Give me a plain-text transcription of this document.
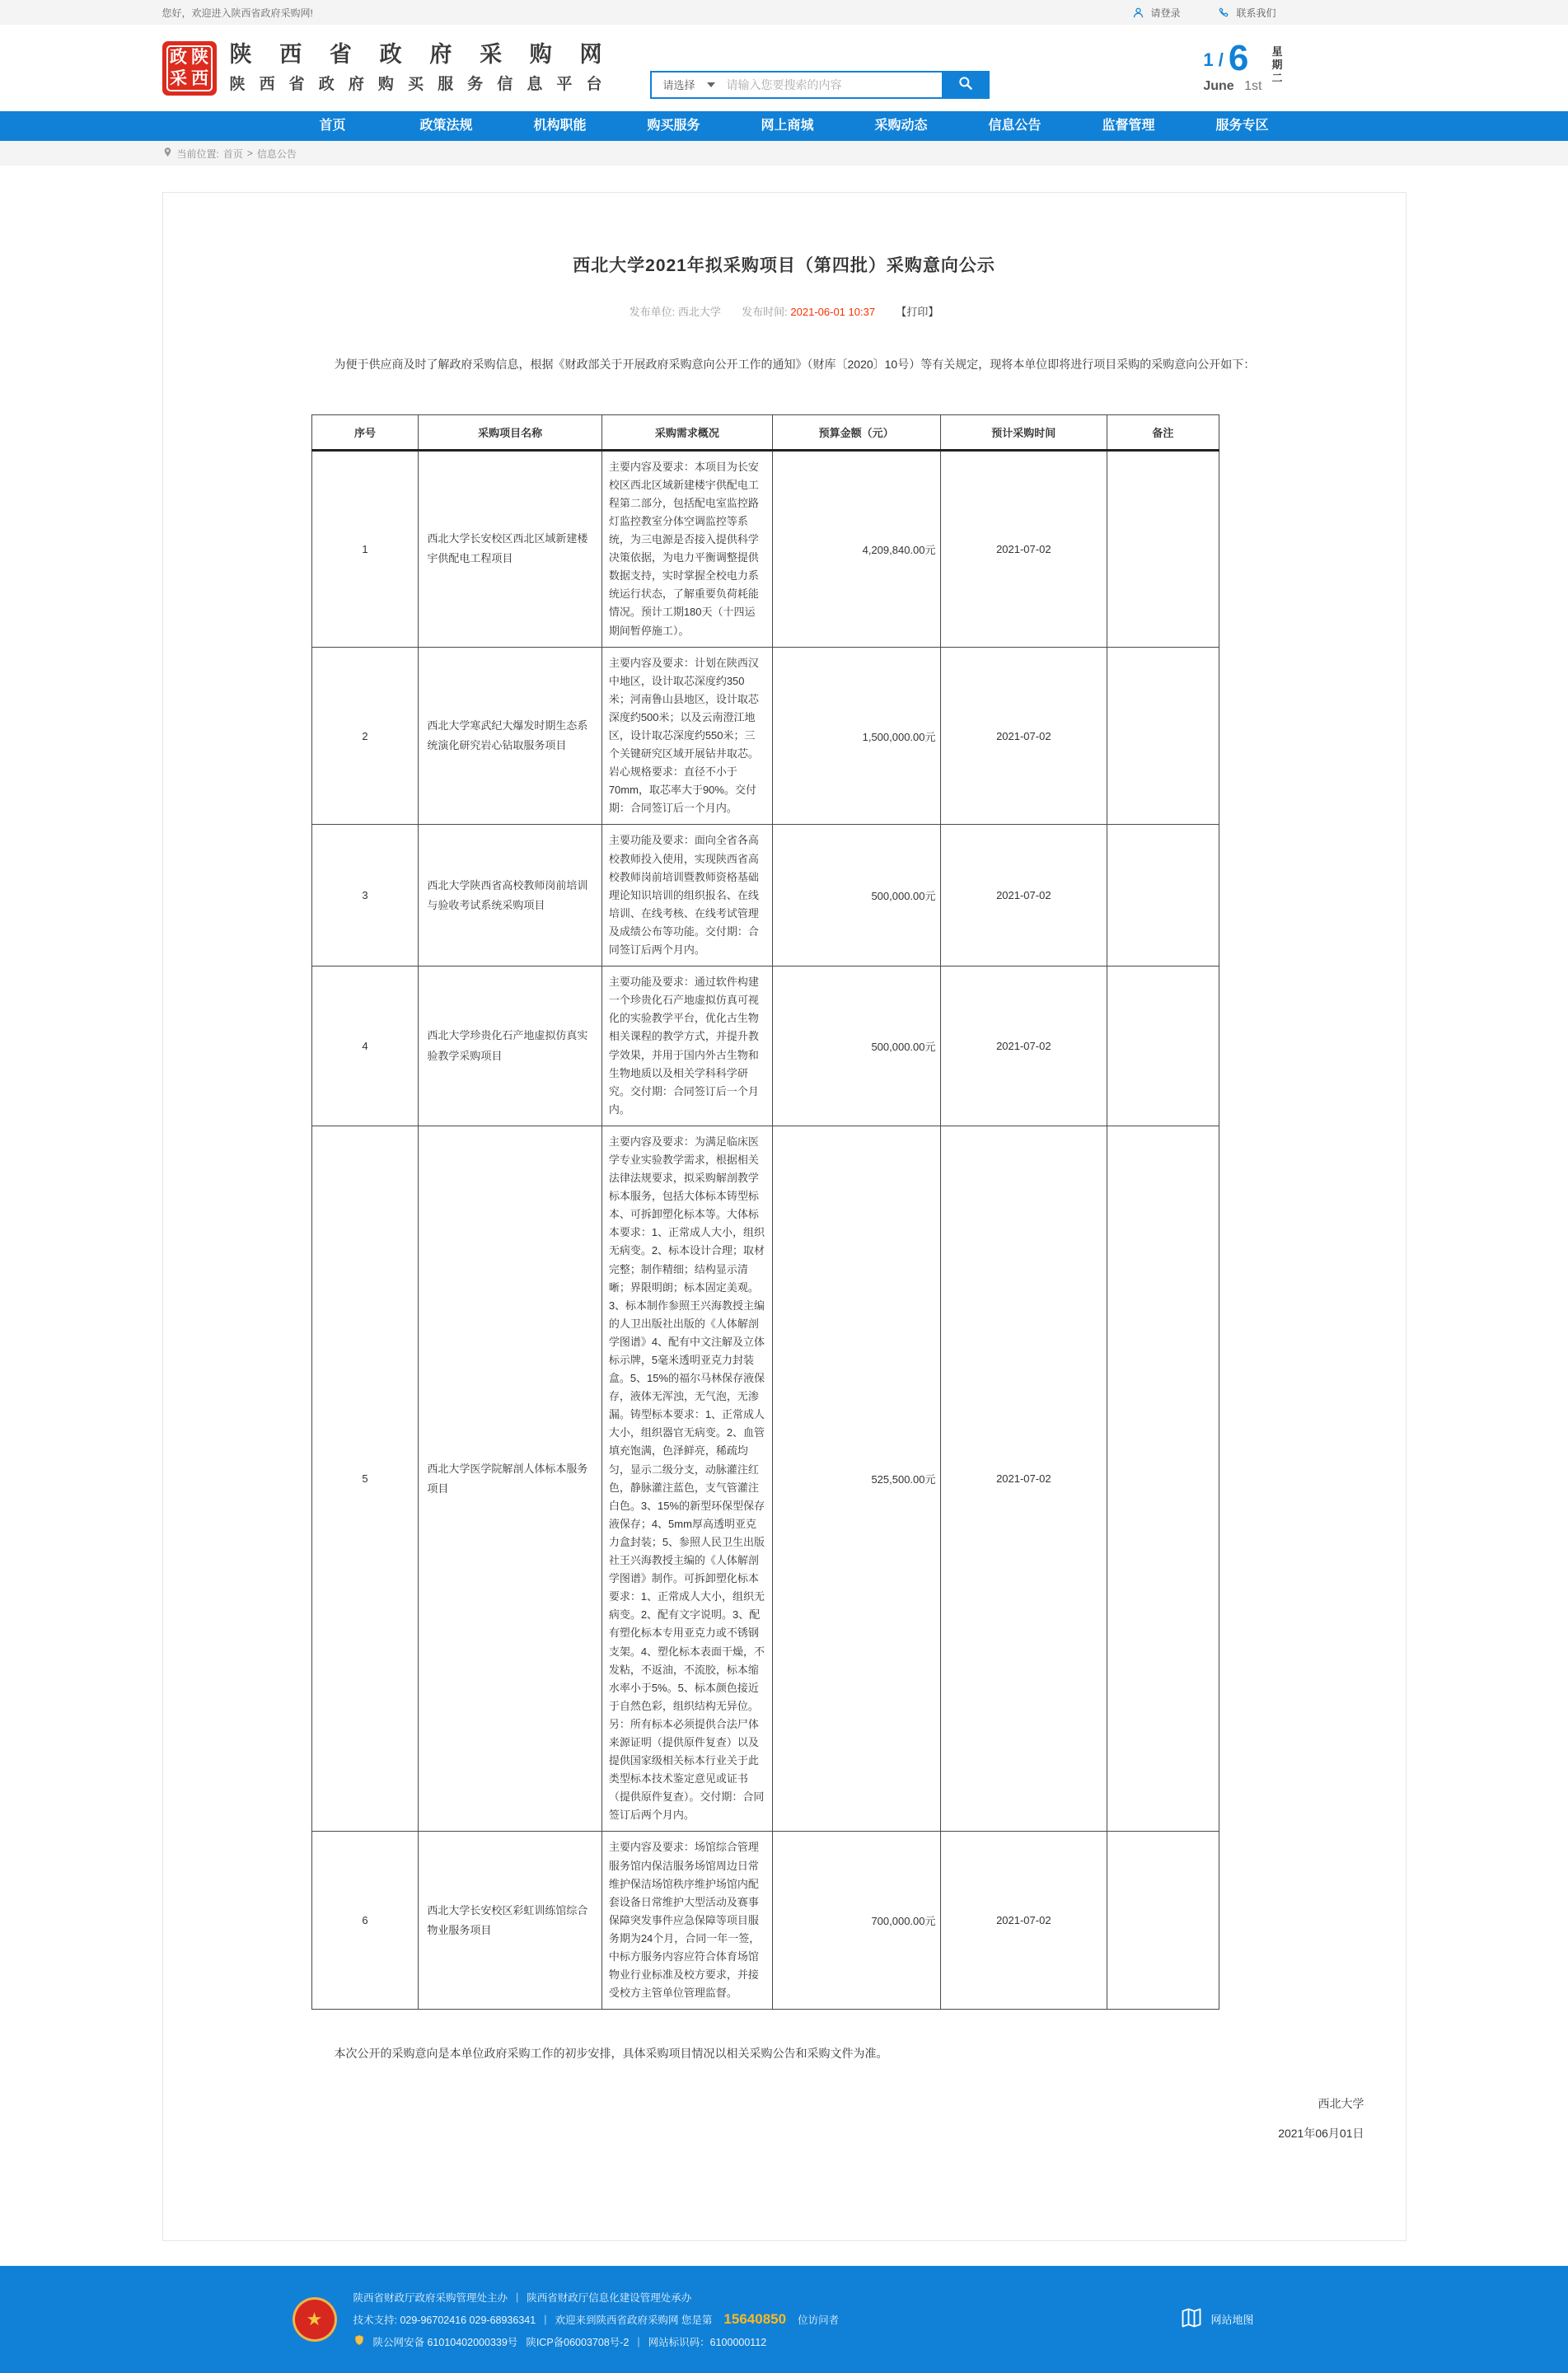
您好，欢迎进入陕西省政府采购网!	请登录	联系我们
政 陕
采 西
陕西省政府采购网
陕西省政府购买服务信息平台	请选择
请输入您要搜索的内容
1 / 6
June 1st
星期二
首页	政策法规	机构职能	购买服务	网上商城	采购动态	信息公告	监督管理	服务专区
当前位置: 首页 > 信息公告
西北大学2021年拟采购项目（第四批）采购意向公示
发布单位: 西北大学 发布时间: 2021-06-01 10:37 【打印】

为便于供应商及时了解政府采购信息，根据《财政部关于开展政府采购意向公开工作的通知》（财库〔2020〕10号）等有关规定，现将本单位即将进行项目采购的采购意向公开如下：

序号	采购项目名称	采购需求概况	预算金额（元）	预计采购时间	备注
1	西北大学长安校区西北区域新建楼宇供配电工程项目	主要内容及要求：本项目为长安校区西北区域新建楼宇供配电工程第二部分，包括配电室监控路灯监控教室分体空调监控等系统，为三电源是否接入提供科学决策依据，为电力平衡调整提供数据支持，实时掌握全校电力系统运行状态，了解重要负荷耗能情况。预计工期180天（十四运期间暂停施工）。	4,209,840.00元	2021-07-02	
2	西北大学寒武纪大爆发时期生态系统演化研究岩心钻取服务项目	主要内容及要求：计划在陕西汉中地区，设计取芯深度约350米；河南鲁山县地区，设计取芯深度约500米；以及云南澄江地区，设计取芯深度约550米；三个关键研究区域开展钻井取芯。岩心规格要求：直径不小于70mm，取芯率大于90%。交付期：合同签订后一个月内。	1,500,000.00元	2021-07-02	
3	西北大学陕西省高校教师岗前培训与验收考试系统采购项目	主要功能及要求：面向全省各高校教师投入使用，实现陕西省高校教师岗前培训暨教师资格基础理论知识培训的组织报名、在线培训、在线考核、在线考试管理及成绩公布等功能。交付期：合同签订后两个月内。	500,000.00元	2021-07-02	
4	西北大学珍贵化石产地虚拟仿真实验教学采购项目	主要功能及要求：通过软件构建一个珍贵化石产地虚拟仿真可视化的实验教学平台，优化古生物相关课程的教学方式，并提升教学效果，并用于国内外古生物和生物地质以及相关学科科学研究。交付期：合同签订后一个月内。	500,000.00元	2021-07-02	
5	西北大学医学院解剖人体标本服务项目	主要内容及要求：为满足临床医学专业实验教学需求，根据相关法律法规要求，拟采购解剖教学标本服务，包括大体标本铸型标本、可拆卸塑化标本等。大体标本要求：1、正常成人大小，组织无病变。2、标本设计合理；取材完整；制作精细；结构显示清晰；界限明朗；标本固定美观。3、标本制作参照王兴海教授主编的人卫出版社出版的《人体解剖学图谱》4、配有中文注解及立体标示牌，5毫米透明亚克力封装盒。5、15%的福尔马林保存液保存，液体无浑浊，无气泡，无渗漏。铸型标本要求：1、正常成人大小，组织器官无病变。2、血管填充饱满，色泽鲜亮，稀疏均匀，显示二级分支，动脉灌注红色，静脉灌注蓝色，支气管灌注白色。3、15%的新型环保型保存液保存；4、5mm厚高透明亚克力盒封装；5、参照人民卫生出版社王兴海教授主编的《人体解剖学图谱》制作。可拆卸塑化标本要求：1、正常成人大小，组织无病变。2、配有文字说明。3、配有塑化标本专用亚克力或不锈钢支架。4、塑化标本表面干燥，不发粘，不返油，不流胶，标本缩水率小于5%。5、标本颜色接近于自然色彩，组织结构无异位。另：所有标本必须提供合法尸体来源证明（提供原件复查）以及提供国家级相关标本行业关于此类型标本技术鉴定意见或证书（提供原件复查）。交付期：合同签订后两个月内。	525,500.00元	2021-07-02	
6	西北大学长安校区彩虹训练馆综合物业服务项目	主要内容及要求：场馆综合管理服务馆内保洁服务场馆周边日常维护保洁场馆秩序维护场馆内配套设备日常维护大型活动及赛事保障突发事件应急保障等项目服务期为24个月，合同一年一签，中标方服务内容应符合体育场馆物业行业标准及校方要求，并接受校方主管单位管理监督。	700,000.00元	2021-07-02	

本次公开的采购意向是本单位政府采购工作的初步安排，具体采购项目情况以相关采购公告和采购文件为准。

西北大学
2021年06月01日
★
陕西省财政厅政府采购管理处主办 | 陕西省财政厅信息化建设管理处承办
技术支持: 029-96702416 029-68936341 | 欢迎来到陕西省政府采购网 您是第 15640850 位访问者
陕公网安备 61010402000339号 陕ICP备06003708号-2 | 网站标识码：6100000112
网站地图
